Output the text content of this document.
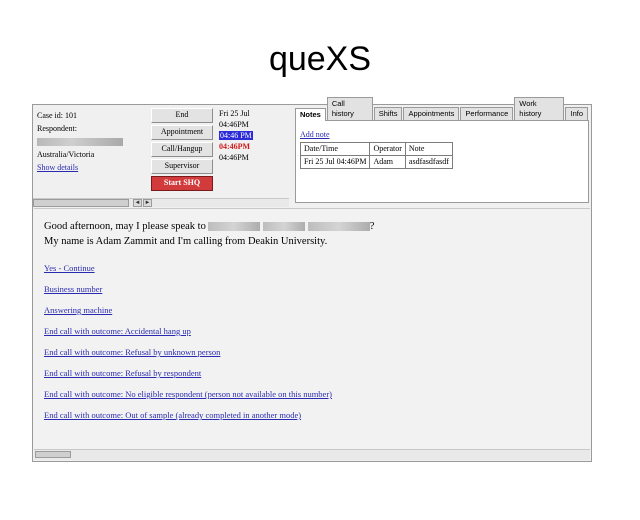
queXS
Case id: 101
Respondent:
Australia/Victoria
Show details
End
Appointment
Call/Hangup
Supervisor
Start SHQ
Fri 25 Jul
04:46PM
04:46 PM
04:46PM
04:46PM
◄ ►
Notes
Call history	Shifts	Appointments	Performance
Work history	Info
Add note
Date/Time	Operator	Note
Fri 25 Jul 04:46PM	Adam	asdfasdfasdf
Good afternoon, may I please speak to	?
My name is Adam Zammit and I'm calling from Deakin University.
Yes - Continue
Business number
Answering machine
End call with outcome: Accidental hang up
End call with outcome: Refusal by unknown person
End call with outcome: Refusal by respondent
End call with outcome: No eligible respondent (person not available on this number)
End call with outcome: Out of sample (already completed in another mode)
